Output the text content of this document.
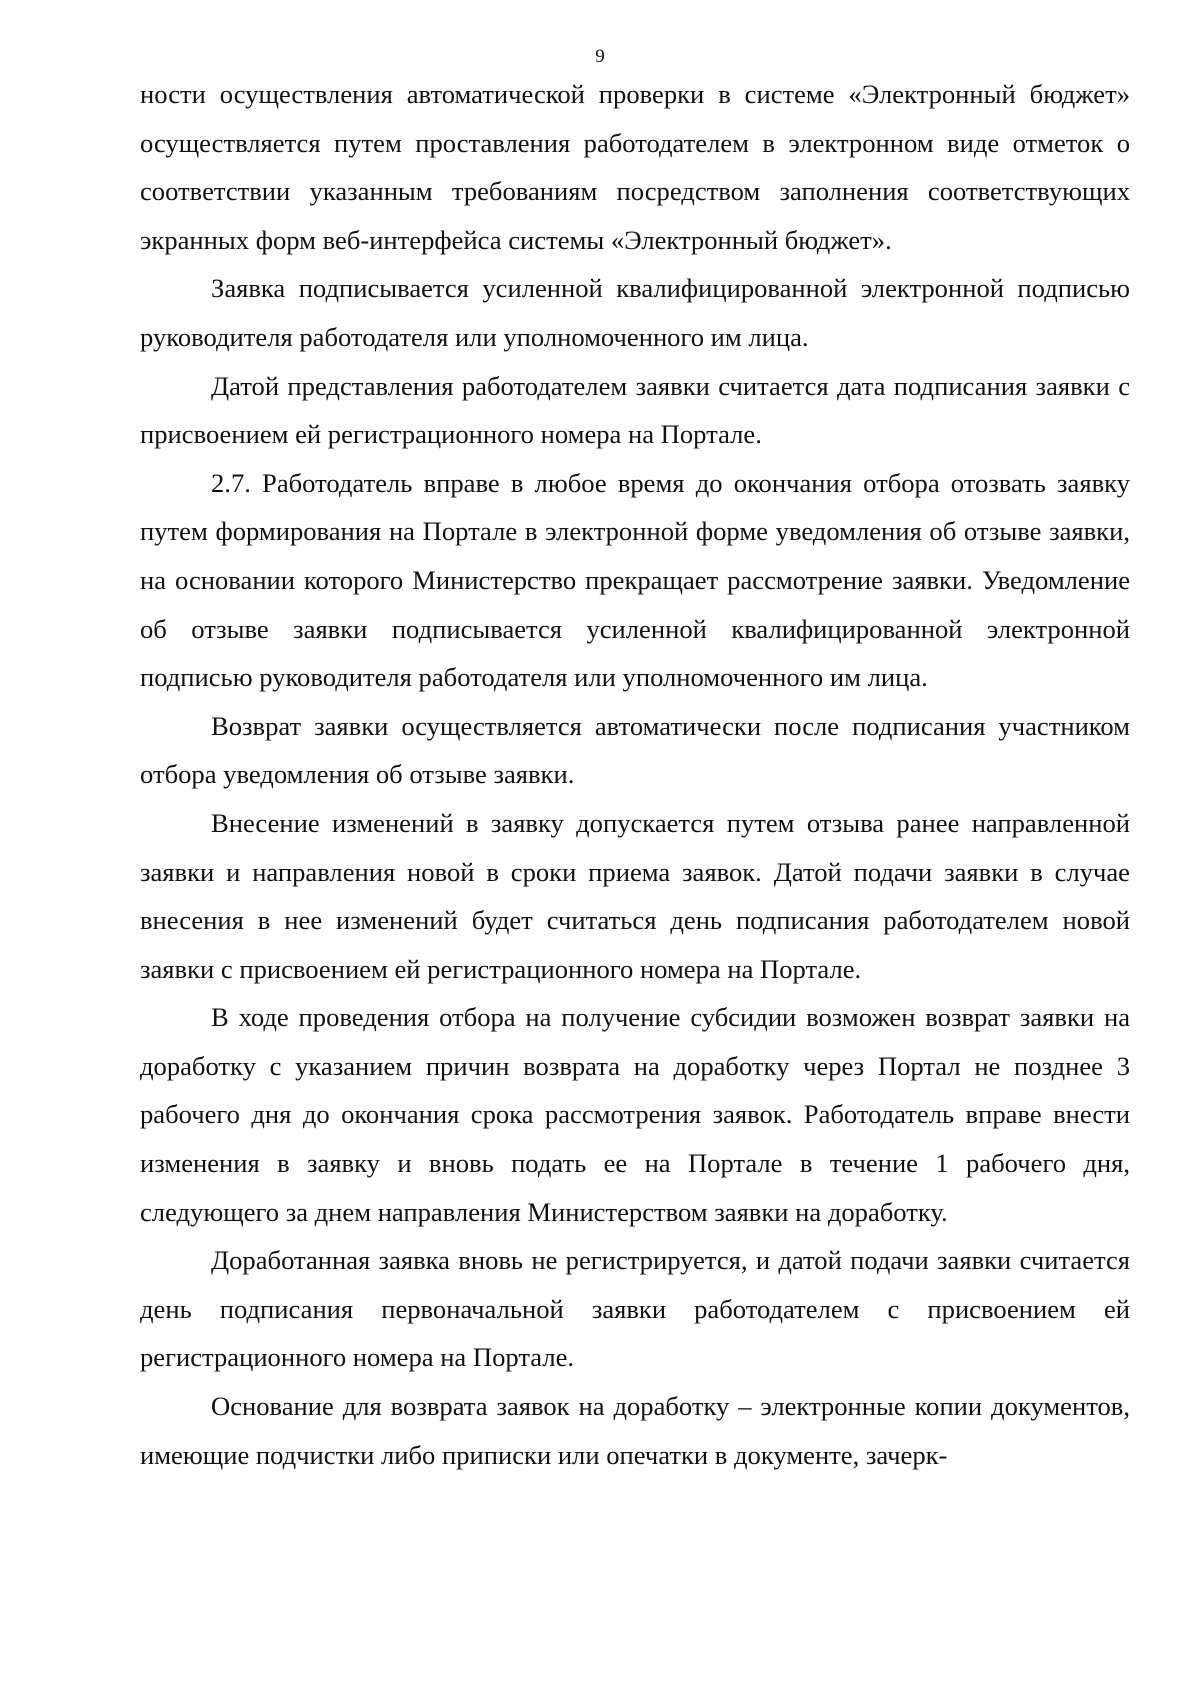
9

ности осуществления автоматической проверки в системе «Электронный бюджет» осуществляется путем проставления работодателем в электронном виде отметок о соответствии указанным требованиям посредством заполнения соответствующих экранных форм веб-интерфейса системы «Электронный бюджет».

Заявка подписывается усиленной квалифицированной электронной подписью руководителя работодателя или уполномоченного им лица.

Датой представления работодателем заявки считается дата подписания заявки с присвоением ей регистрационного номера на Портале.

2.7. Работодатель вправе в любое время до окончания отбора отозвать заявку путем формирования на Портале в электронной форме уведомления об отзыве заявки, на основании которого Министерство прекращает рассмотрение заявки. Уведомление об отзыве заявки подписывается усиленной квалифицированной электронной подписью руководителя работодателя или уполномоченного им лица.

Возврат заявки осуществляется автоматически после подписания участником отбора уведомления об отзыве заявки.

Внесение изменений в заявку допускается путем отзыва ранее направленной заявки и направления новой в сроки приема заявок. Датой подачи заявки в случае внесения в нее изменений будет считаться день подписания работодателем новой заявки с присвоением ей регистрационного номера на Портале.

В ходе проведения отбора на получение субсидии возможен возврат заявки на доработку с указанием причин возврата на доработку через Портал не позднее 3 рабочего дня до окончания срока рассмотрения заявок. Работодатель вправе внести изменения в заявку и вновь подать ее на Портале в течение 1 рабочего дня, следующего за днем направления Министерством заявки на доработку.

Доработанная заявка вновь не регистрируется, и датой подачи заявки считается день подписания первоначальной заявки работодателем с присвоением ей регистрационного номера на Портале.

Основание для возврата заявок на доработку – электронные копии документов, имеющие подчистки либо приписки или опечатки в документе, зачерк-
